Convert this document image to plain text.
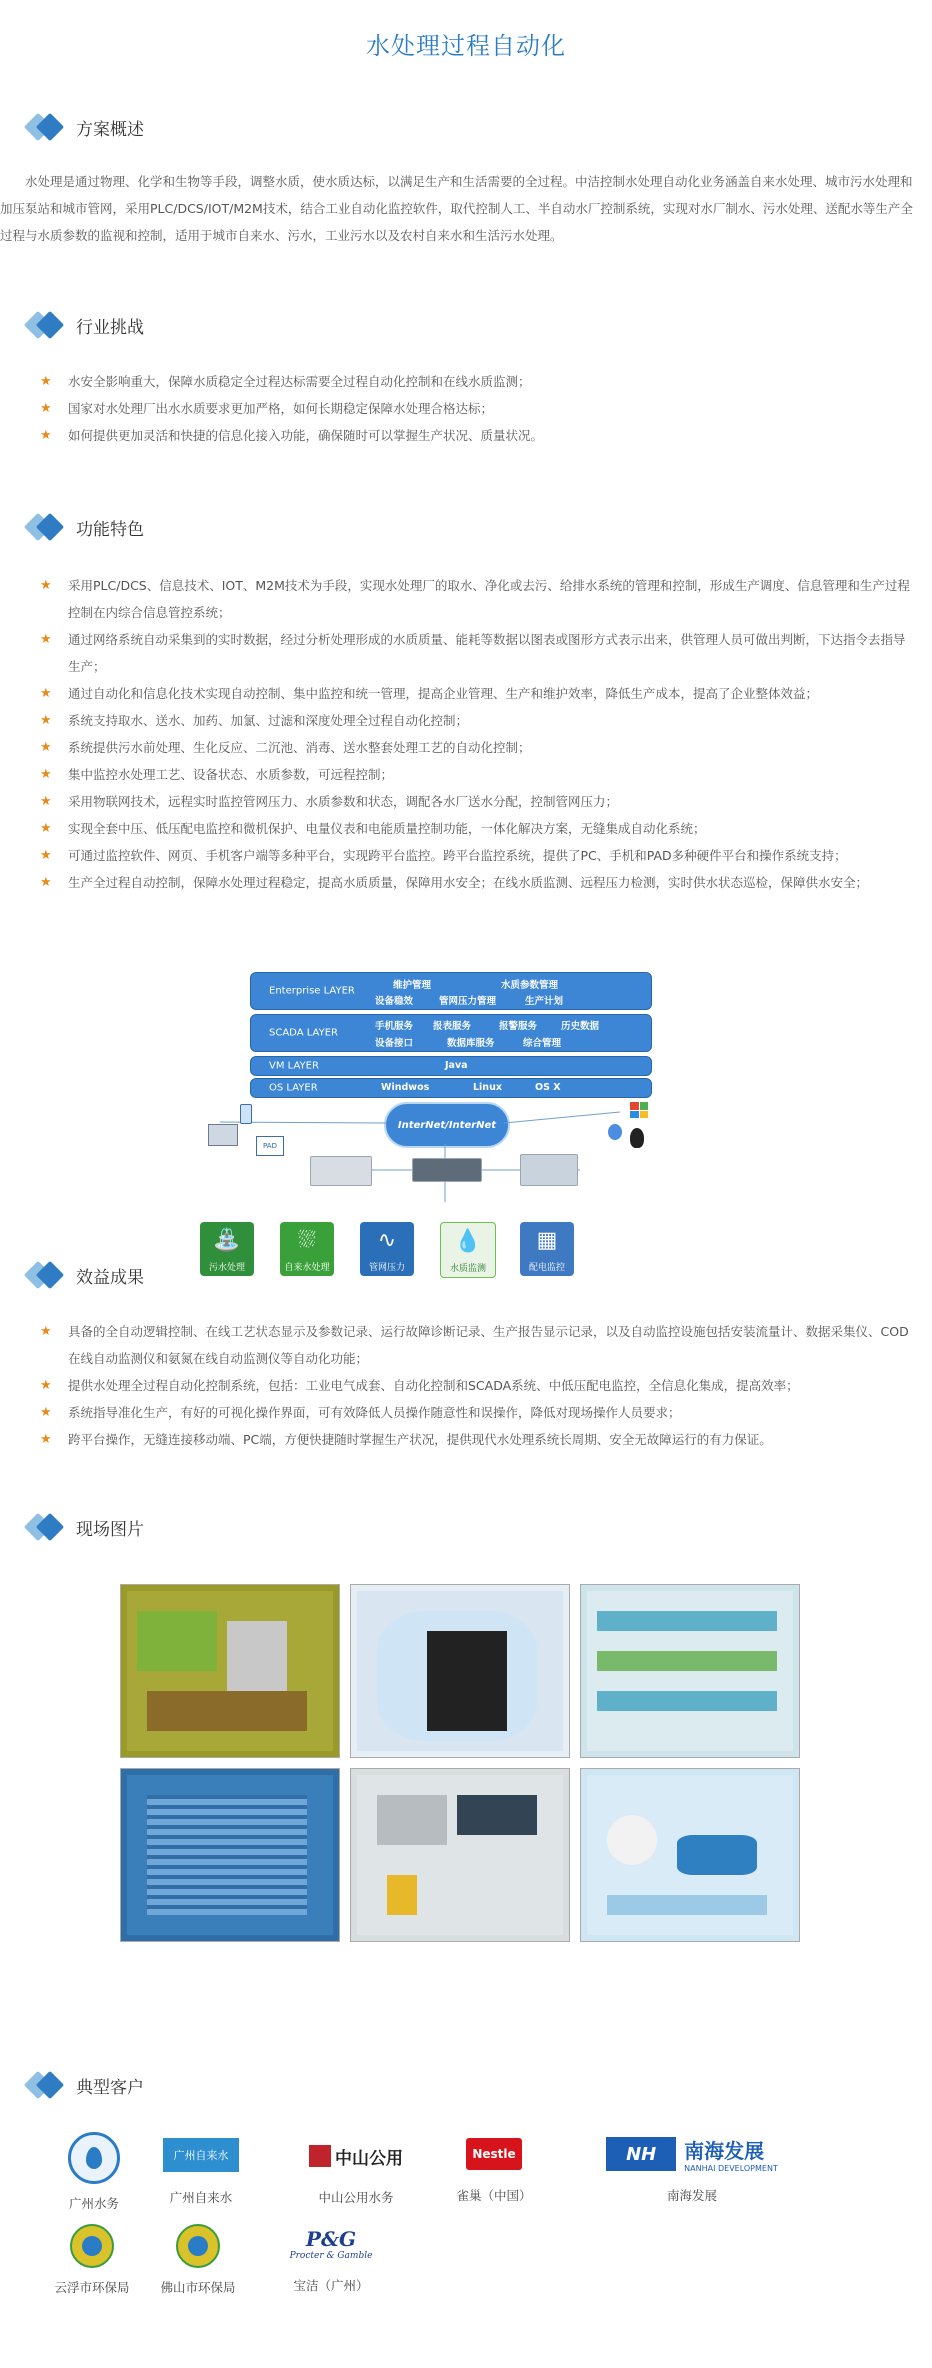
水处理过程自动化
方案概述

水处理是通过物理、化学和生物等手段，调整水质，使水质达标，以满足生产和生活需要的全过程。中洁控制水处理自动化业务涵盖自来水处理、城市污水处理和加压泵站和城市管网，采用PLC/DCS/IOT/M2M技术，结合工业自动化监控软件，取代控制人工、半自动水厂控制系统，实现对水厂制水、污水处理、送配水等生产全过程与水质参数的监视和控制，适用于城市自来水、污水，工业污水以及农村自来水和生活污水处理。

行业挑战
★ 水安全影响重大，保障水质稳定全过程达标需要全过程自动化控制和在线水质监测；
★ 国家对水处理厂出水水质要求更加严格，如何长期稳定保障水处理合格达标；
★ 如何提供更加灵活和快捷的信息化接入功能，确保随时可以掌握生产状况、质量状况。
功能特色
★ 采用PLC/DCS、信息技术、IOT、M2M技术为手段，实现水处理厂的取水、净化或去污、给排水系统的管理和控制，形成生产调度、信息管理和生产过程控制在内综合信息管控系统；
★ 通过网络系统自动采集到的实时数据，经过分析处理形成的水质质量、能耗等数据以图表或图形方式表示出来，供管理人员可做出判断，下达指令去指导生产；
★ 通过自动化和信息化技术实现自动控制、集中监控和统一管理，提高企业管理、生产和维护效率，降低生产成本，提高了企业整体效益；
★ 系统支持取水、送水、加药、加氯、过滤和深度处理全过程自动化控制；
★ 系统提供污水前处理、生化反应、二沉池、消毒、送水整套处理工艺的自动化控制；
★ 集中监控水处理工艺、设备状态、水质参数，可远程控制；
★ 采用物联网技术，远程实时监控管网压力、水质参数和状态，调配各水厂送水分配，控制管网压力；
★ 实现全套中压、低压配电监控和微机保护、电量仪表和电能质量控制功能，一体化解决方案，无缝集成自动化系统；
★ 可通过监控软件、网页、手机客户端等多种平台，实现跨平台监控。跨平台监控系统，提供了PC、手机和PAD多种硬件平台和操作系统支持；
★ 生产全过程自动控制，保障水处理过程稳定，提高水质质量，保障用水安全；在线水质监测、远程压力检测，实时供水状态巡检，保障供水安全；
Enterprise LAYER	维护管理	水质参数管理
设备稳效	管网压力管理	生产计划
SCADA LAYER
手机服务 报表服务	报警服务	历史数据
设备接口	数据库服务	综合管理
VM LAYER	Java
OS LAYER	Windwos	Linux	OS X
InterNet/InterNet
PAD
⛲
污水处理
⛆
自来水处理
∿
管网压力
💧
水质监测
▦
配电监控
效益成果
★ 具备的全自动逻辑控制、在线工艺状态显示及参数记录、运行故障诊断记录、生产报告显示记录，以及自动监控设施包括安装流量计、数据采集仪、COD在线自动监测仪和氨氮在线自动监测仪等自动化功能；
★ 提供水处理全过程自动化控制系统，包括：工业电气成套、自动化控制和SCADA系统、中低压配电监控，全信息化集成，提高效率；
★ 系统指导准化生产，有好的可视化操作界面，可有效降低人员操作随意性和误操作，降低对现场操作人员要求；
★ 跨平台操作，无缝连接移动端、PC端，方便快捷随时掌握生产状况，提供现代水处理系统长周期、安全无故障运行的有力保证。
现场图片
典型客户
广州水务
广州自来水
广州自来水
中山公用
中山公用水务
Nestle
雀巢（中国）
NH	南海发展
NANHAI DEVELOPMENT
南海发展
云浮市环保局	佛山市环保局
P&G
Procter & Gamble
宝洁（广州）
